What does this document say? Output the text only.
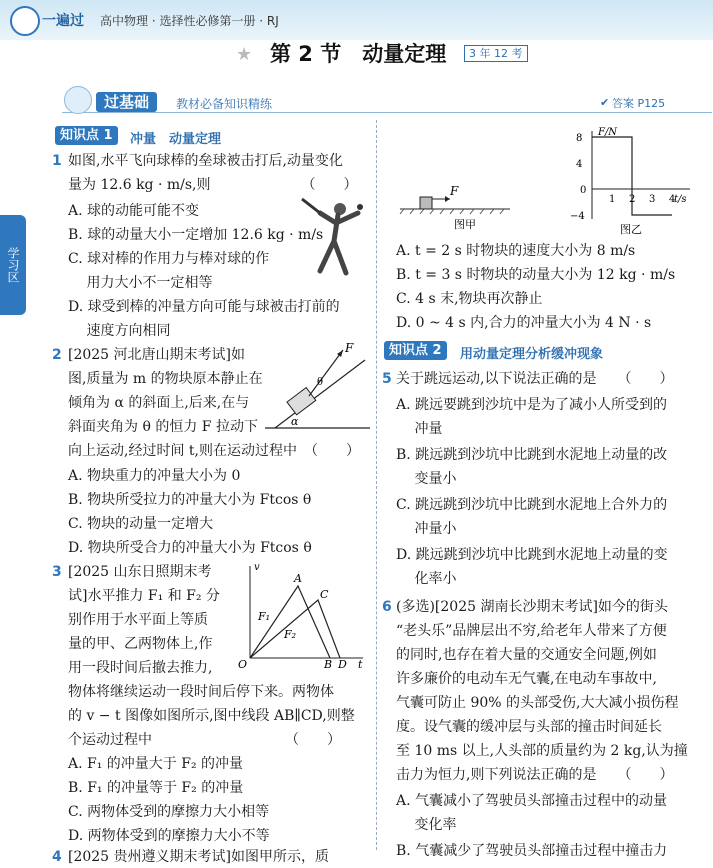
一遍过 高中物理 · 选择性必修第一册 · RJ
★ 第 2 节　动量定理	3 年 12 考
过基础	教材必备知识精练	✔ 答案 P125
学习区
知识点 1	冲量　动量定理
1 如图,水平飞向球棒的垒球被击打后,动量变化
量为 12.6 kg · m/s,则　　　　　　　（　　）
A. 球的动能可能不变
B. 球的动量大小一定增加 12.6 kg · m/s
C. 球对棒的作用力与棒对球的作
　 用力大小不一定相等
D. 球受到棒的冲量方向可能与球被击打前的
　 速度方向相同
2 [2025 河北唐山期末考试]如
图,质量为 m 的物块原本静止在
倾角为 α 的斜面上,后来,在与
斜面夹角为 θ 的恒力 F 拉动下
向上运动,经过时间 t,则在运动过程中　（　　）
A. 物块重力的冲量大小为 0
B. 物块所受拉力的冲量大小为 Ftcos θ
C. 物块的动量一定增大
D. 物块所受合力的冲量大小为 Ftcos θ
F
θ
α
3 [2025 山东日照期末考
试]水平推力 F₁ 和 F₂ 分
别作用于水平面上等质
量的甲、乙两物体上,作
用一段时间后撤去推力,
物体将继续运动一段时间后停下来。两物体
的 v − t 图像如图所示,图中线段 AB∥CD,则整
个运动过程中　　　　　　　　　　（　　）
A. F₁ 的冲量大于 F₂ 的冲量
B. F₁ 的冲量等于 F₂ 的冲量
C. 两物体受到的摩擦力大小相等
D. 两物体受到的摩擦力大小不等
v
A
C
F₁
F₂
O	B D t
4 [2025 贵州遵义期末考试]如图甲所示，质
F
图甲
F/N
8
4
0
−4
1 2 3 4
t/s
图乙
A. t = 2 s 时物块的速度大小为 8 m/s
B. t = 3 s 时物块的动量大小为 12 kg · m/s
C. 4 s 末,物块再次静止
D. 0 ~ 4 s 内,合力的冲量大小为 4 N · s
知识点 2	用动量定理分析缓冲现象
5 关于跳远运动,以下说法正确的是　　（　　）
A. 跳远要跳到沙坑中是为了减小人所受到的
　 冲量
B. 跳远跳到沙坑中比跳到水泥地上动量的改
　 变量小
C. 跳远跳到沙坑中比跳到水泥地上合外力的
　 冲量小
D. 跳远跳到沙坑中比跳到水泥地上动量的变
　 化率小
6 (多选)[2025 湖南长沙期末考试]如今的街头
“老头乐”品牌层出不穷,给老年人带来了方便
的同时,也存在着大量的交通安全问题,例如
许多廉价的电动车无气囊,在电动车事故中,
气囊可防止 90% 的头部受伤,大大减小损伤程
度。设气囊的缓冲层与头部的撞击时间延长
至 10 ms 以上,人头部的质量约为 2 kg,认为撞
击力为恒力,则下列说法正确的是　　（　　）
A. 气囊减小了驾驶员头部撞击过程中的动量
　 变化率
B. 气囊减少了驾驶员头部撞击过程中撞击力
